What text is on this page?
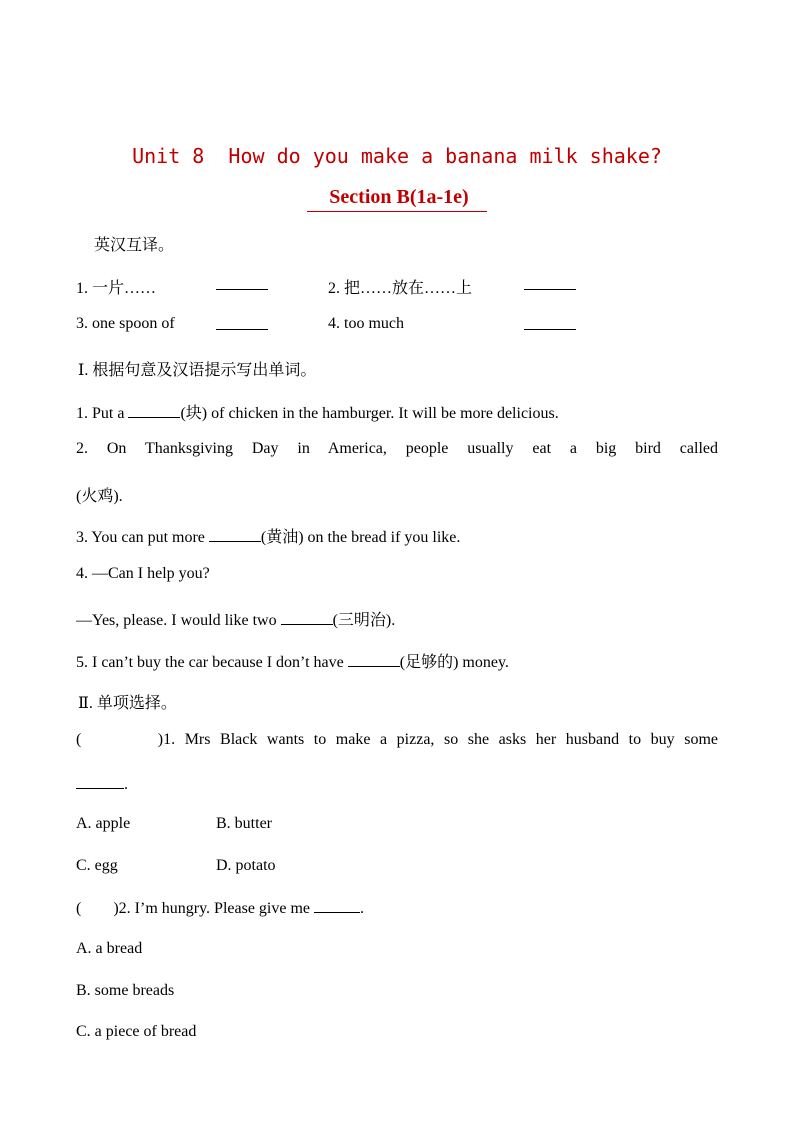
Unit 8  How do you make a banana milk shake?
Section B(1a-1e)
英汉互译。
1. 一片……	2. 把……放在……上
3. one spoon of	4. too much
Ⅰ. 根据句意及汉语提示写出单词。
1. Put a	(块) of chicken in the hamburger. It will be more delicious.
2. On Thanksgiving Day in America, people usually eat a big bird called
(火鸡).
3. You can put more	(黄油) on the bread if you like.
4. —Can I help you?
—Yes, please. I would like two	(三明治).
5. I can’t buy the car because I don’t have	(足够的) money.
Ⅱ. 单项选择。
(        )1. Mrs Black wants to make a pizza, so she asks her husband to buy some
.
A. apple	B. butter
C. egg	D. potato
(        )2. I’m hungry. Please give me	.
A. a bread
B. some breads
C. a piece of bread
